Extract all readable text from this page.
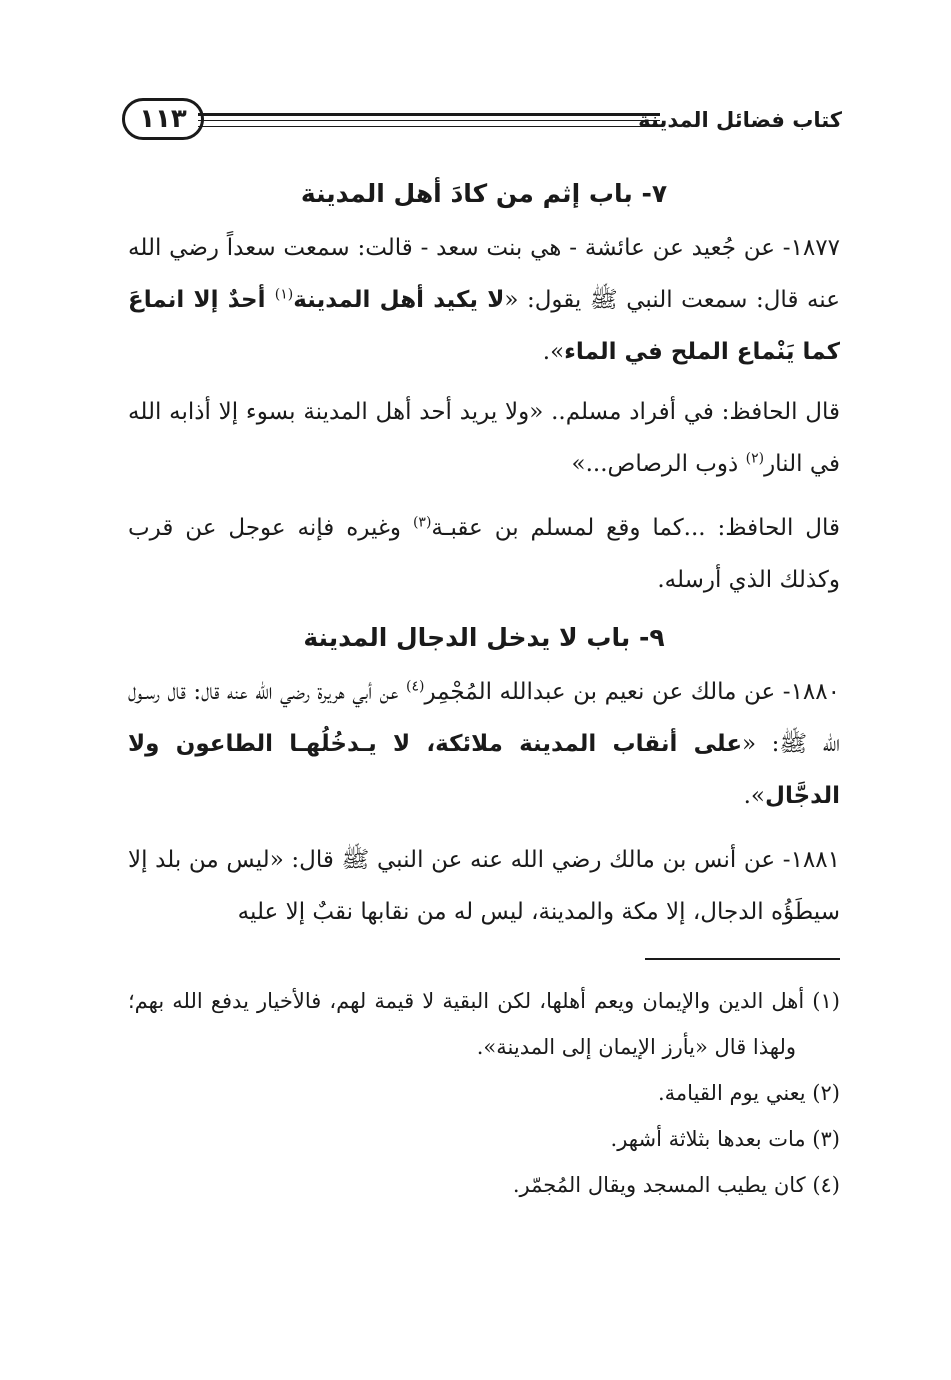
كتاب فضائل المدينة
١١٣
٧- باب إثم من كادَ أهل المدينة

١٨٧٧- عن جُعيد عن عائشة - هي بنت سعد - قالت: سمعت سعداً رضي الله عنه قال: سمعت النبي ﷺ يقول: «لا يكيد أهل المدينة$^{(١)}$ أحدٌ إلا انماعَ كما يَنْماع الملح في الماء».

قال الحافظ: في أفراد مسلم.. «ولا يريد أحد أهل المدينة بسوء إلا أذابه الله في النار$^{(٢)}$ ذوب الرصاص...»

قال الحافظ: ...كما وقع لمسلم بن عقبـة$^{(٣)}$ وغيره فإنه عوجل عن قرب وكذلك الذي أرسله.

٩- باب لا يدخل الدجال المدينة

١٨٨٠- عن مالك عن نعيم بن عبدالله المُجْمِر$^{(٤)}$ عن أبي هريرة رضي الله عنه قال: قال رسـول الله ﷺ: «على أنقاب المدينة ملائكة، لا يـدخُلُهـا الطاعون ولا الدجَّال».

١٨٨١- عن أنس بن مالك رضي الله عنه عن النبي ﷺ قال: «ليس من بلد إلا سيطَؤُه الدجال، إلا مكة والمدينة، ليس له من نقابها نقبٌ إلا عليه

(١) أهل الدين والإيمان ويعم أهلها، لكن البقية لا قيمة لهم، فالأخيار يدفع الله بهم؛ ولهذا قال «يأرز الإيمان إلى المدينة».

(٢) يعني يوم القيامة.

(٣) مات بعدها بثلاثة أشهر.

(٤) كان يطيب المسجد ويقال المُجمّر.
